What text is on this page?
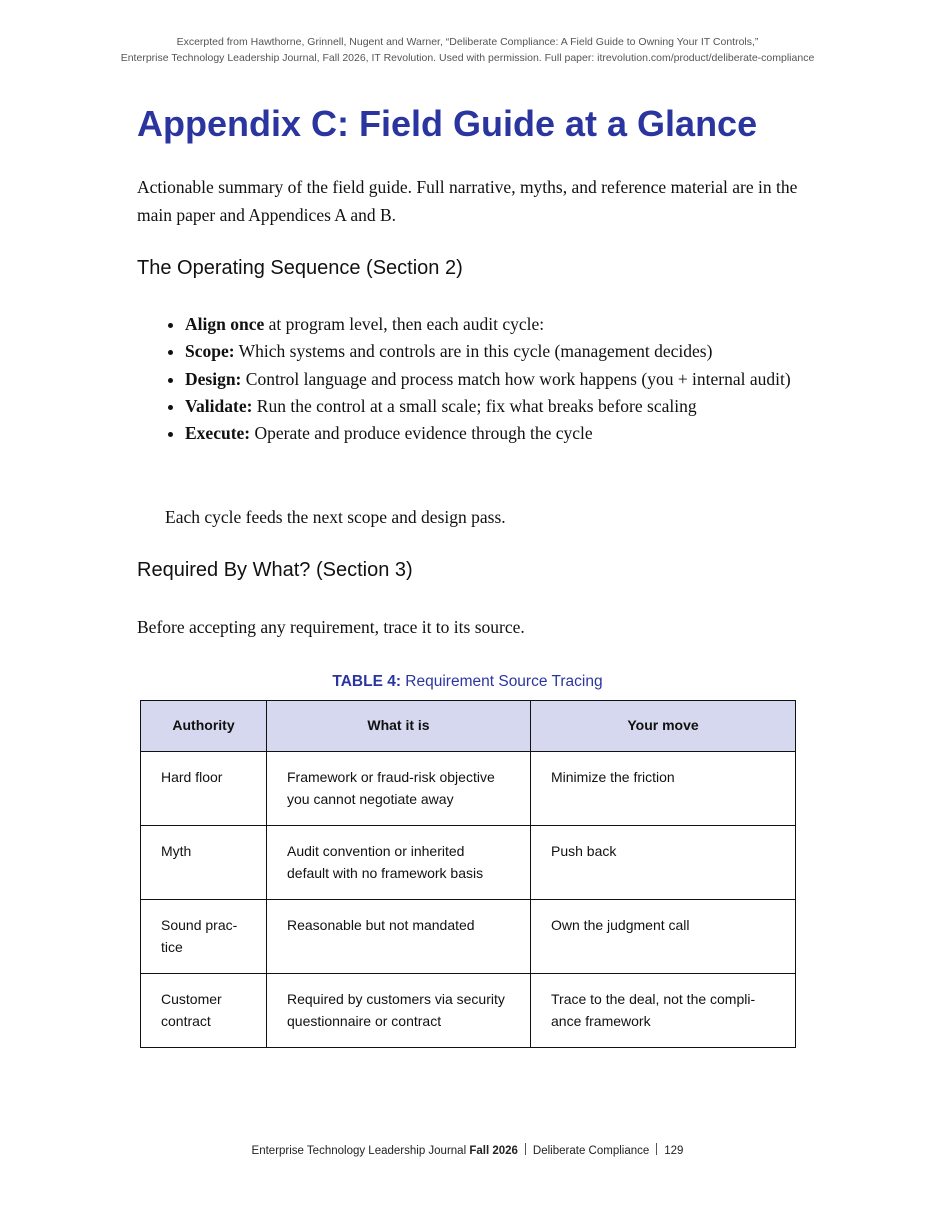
Excerpted from Hawthorne, Grinnell, Nugent and Warner, “Deliberate Compliance: A Field Guide to Owning Your IT Controls,”
Enterprise Technology Leadership Journal, Fall 2026, IT Revolution. Used with permission. Full paper: itrevolution.com/product/deliberate-compliance
Appendix C: Field Guide at a Glance

Actionable summary of the field guide. Full narrative, myths, and reference material are in the main paper and Appendices A and B.

The Operating Sequence (Section 2)
• Align once at program level, then each audit cycle:
• Scope: Which systems and controls are in this cycle (management decides)
• Design: Control language and process match how work happens (you + internal audit)
• Validate: Run the control at a small scale; fix what breaks before scaling
• Execute: Operate and produce evidence through the cycle

Each cycle feeds the next scope and design pass.

Required By What? (Section 3)

Before accepting any requirement, trace it to its source.

TABLE 4: Requirement Source Tracing
Authority	What it is	Your move
Hard floor	Framework or fraud-risk objective you cannot negotiate away	Minimize the friction
Myth	Audit convention or inherited default with no framework basis	Push back
Sound practice	Reasonable but not mandated	Own the judgment call
Customer contract	Required by customers via security questionnaire or contract	Trace to the deal, not the compliance framework
Enterprise Technology Leadership Journal Fall 2026 Deliberate Compliance 129
